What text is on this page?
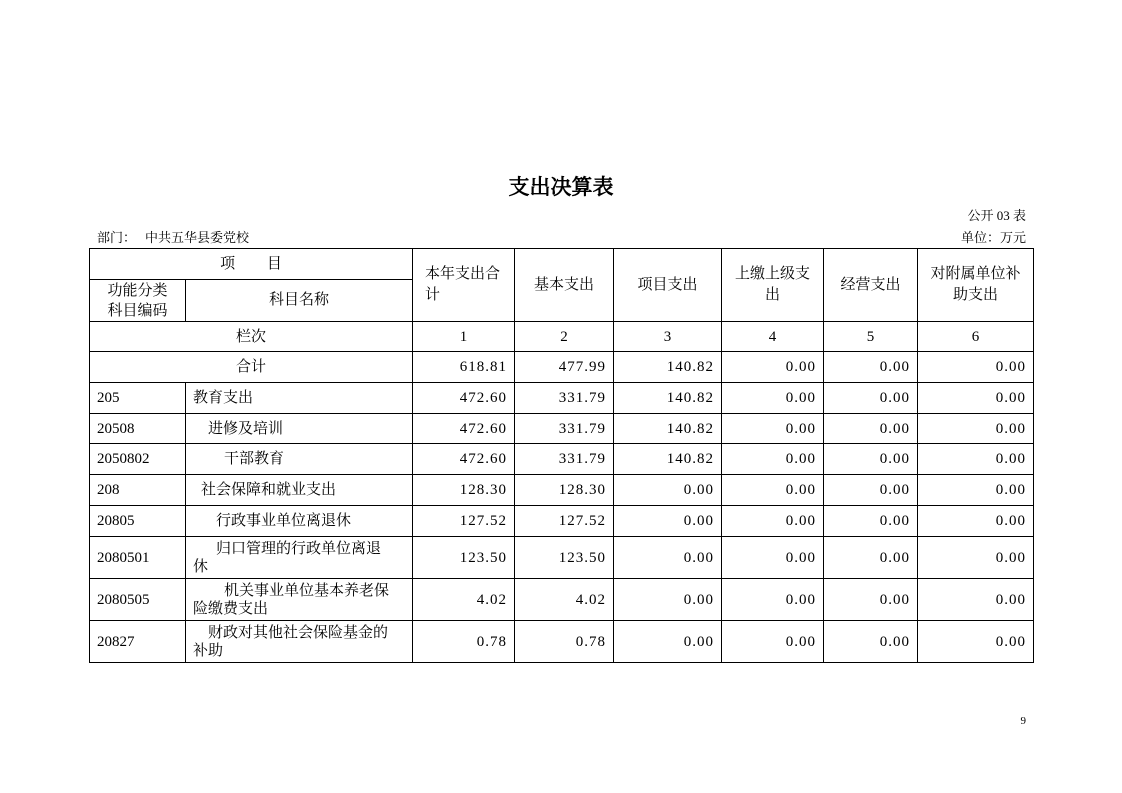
支出决算表
公开 03 表
部门： 中共五华县委党校	单位：万元
项 目		本年支出合计	基本支出	项目支出	上缴上级支出	经营支出	对附属单位补助支出
功能分类科目编码	科目名称						
栏次		1	2	3	4	5	6
合计		618.81	477.99	140.82	0.00	0.00	0.00
205	教育支出	472.60	331.79	140.82	0.00	0.00	0.00
20508	进修及培训	472.60	331.79	140.82	0.00	0.00	0.00
2050802	干部教育	472.60	331.79	140.82	0.00	0.00	0.00
208	社会保障和就业支出	128.30	128.30	0.00	0.00	0.00	0.00
20805	行政事业单位离退休	127.52	127.52	0.00	0.00	0.00	0.00
2080501	归口管理的行政单位离退休	123.50	123.50	0.00	0.00	0.00	0.00
2080505	机关事业单位基本养老保险缴费支出	4.02	4.02	0.00	0.00	0.00	0.00
20827	财政对其他社会保险基金的补助	0.78	0.78	0.00	0.00	0.00	0.00
9
